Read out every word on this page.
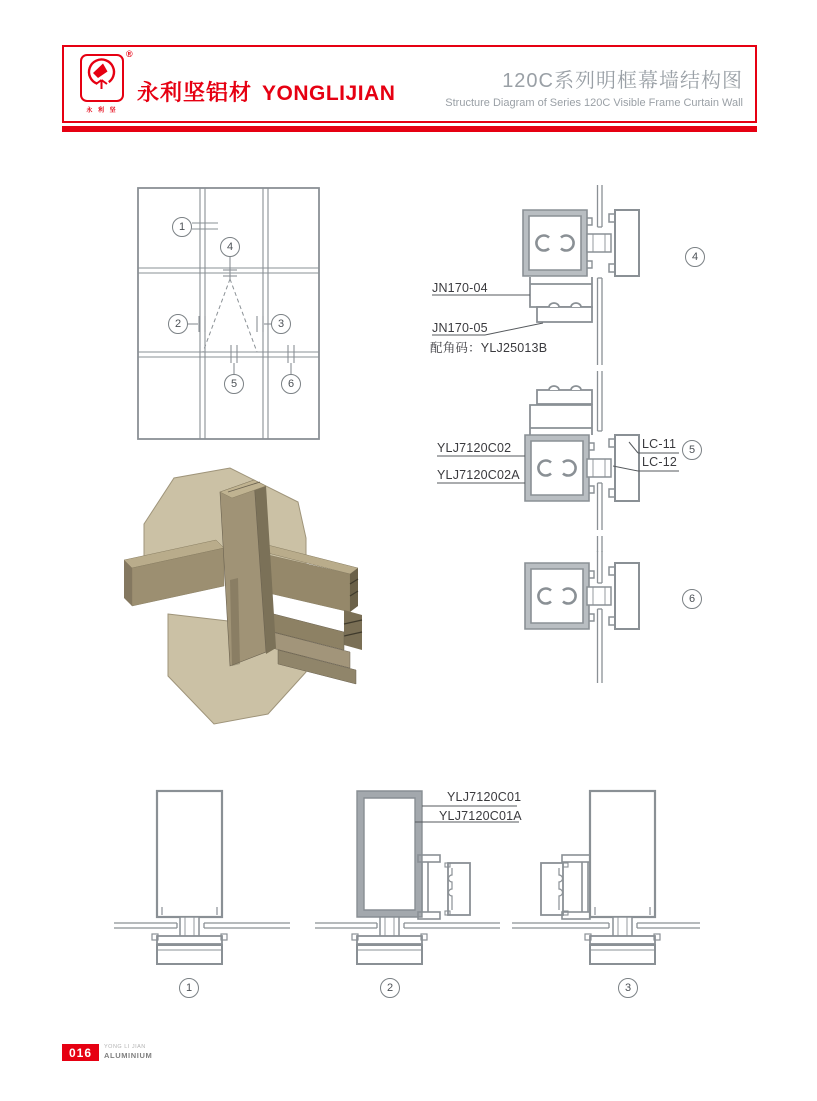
®
永 利 坚
永利坚铝材 YONGLIJIAN
120C系列明框幕墙结构图
Structure Diagram of Series 120C Visible Frame Curtain Wall
1
2	3
4
5	6
JN170-04
JN170-05
配角码：YLJ25013B
YLJ7120C02
YLJ7120C02A
LC-11
LC-12
4
5
6
YLJ7120C01
YLJ7120C01A
1	2	3
016	YONG LI JIAN
ALUMINIUM
